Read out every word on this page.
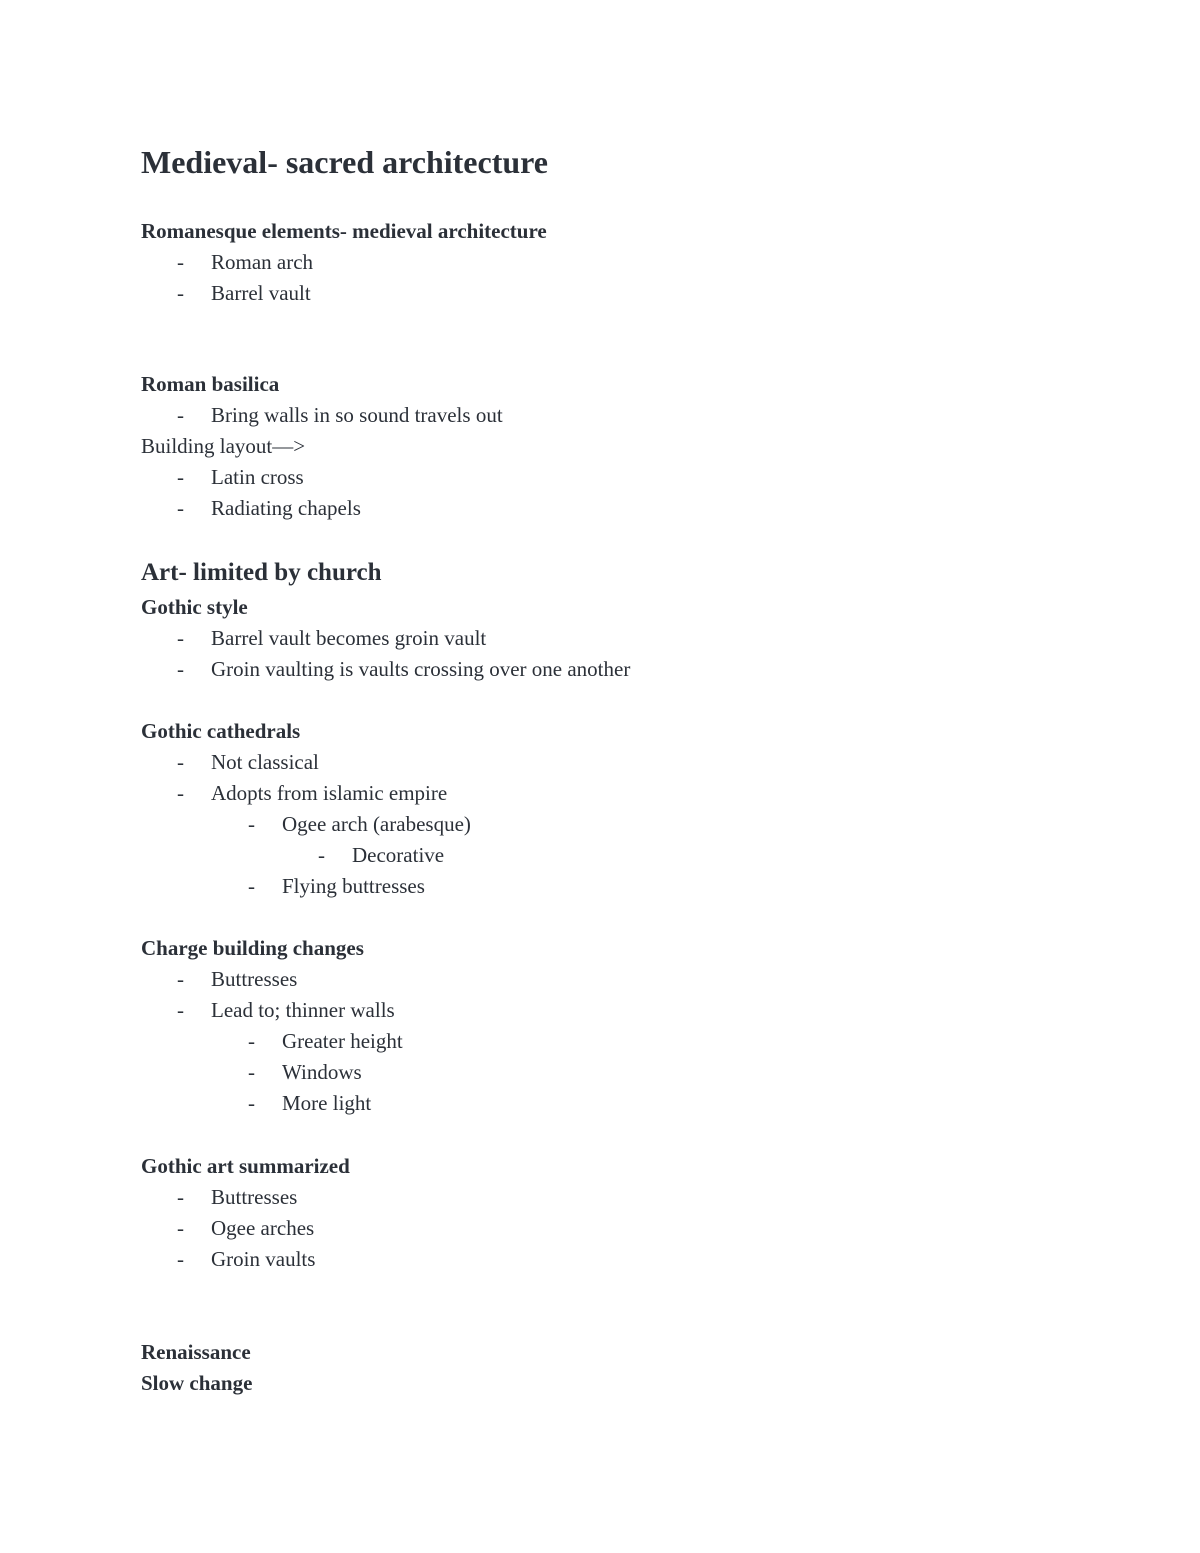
Medieval- sacred architecture
Romanesque elements- medieval architecture
- Roman arch
- Barrel vault
Roman basilica
- Bring walls in so sound travels out
Building layout—>
- Latin cross
- Radiating chapels
Art- limited by church
Gothic style
- Barrel vault becomes groin vault
- Groin vaulting is vaults crossing over one another
Gothic cathedrals
- Not classical
- Adopts from islamic empire
- Ogee arch (arabesque)
- Decorative
- Flying buttresses
Charge building changes
- Buttresses
- Lead to; thinner walls
- Greater height
- Windows
- More light
Gothic art summarized
- Buttresses
- Ogee arches
- Groin vaults
Renaissance
Slow change
